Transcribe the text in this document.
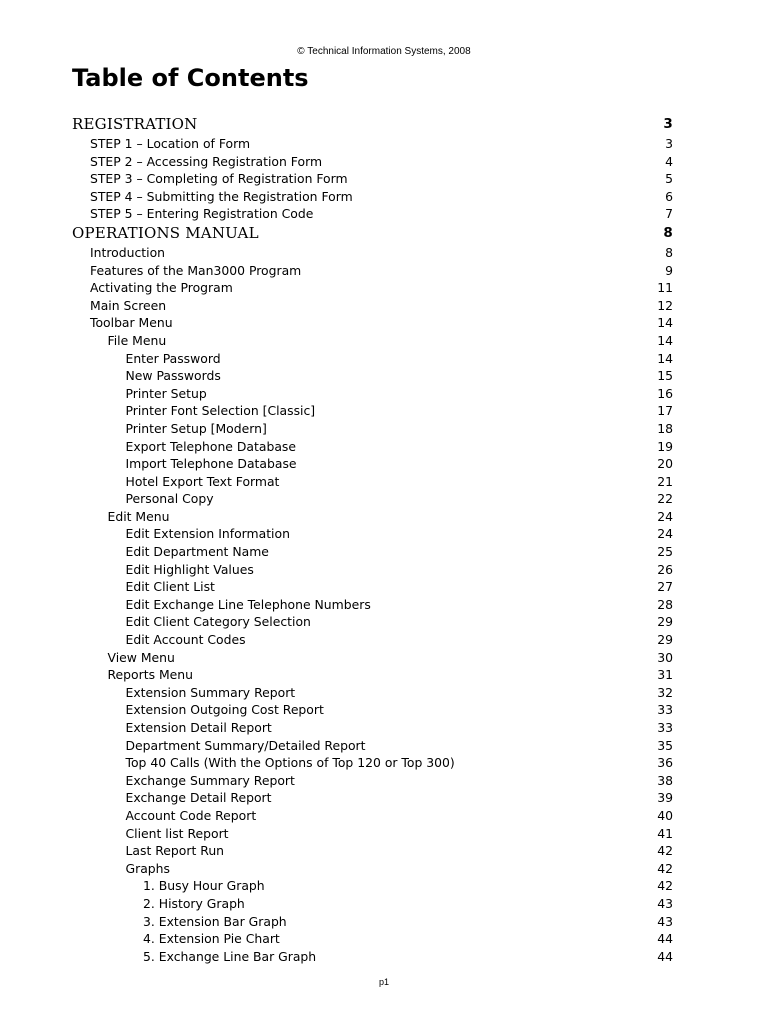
© Technical Information Systems, 2008
Table of Contents
REGISTRATION	3
STEP 1 – Location of Form	3
STEP 2 – Accessing Registration Form	4
STEP 3 – Completing of Registration Form	5
STEP 4 – Submitting the Registration Form	6
STEP 5 – Entering Registration Code	7
OPERATIONS MANUAL	8
Introduction	8
Features of the Man3000 Program	9
Activating the Program	11
Main Screen	12
Toolbar Menu	14
File Menu	14
Enter Password	14
New Passwords	15
Printer Setup	16
Printer Font Selection [Classic]	17
Printer Setup [Modern]	18
Export Telephone Database	19
Import Telephone Database	20
Hotel Export Text Format	21
Personal Copy	22
Edit Menu	24
Edit Extension Information	24
Edit Department Name	25
Edit Highlight Values	26
Edit Client List	27
Edit Exchange Line Telephone Numbers	28
Edit Client Category Selection	29
Edit Account Codes	29
View Menu	30
Reports Menu	31
Extension Summary Report	32
Extension Outgoing Cost Report	33
Extension Detail Report	33
Department Summary/Detailed Report	35
Top 40 Calls (With the Options of Top 120 or Top 300)	36
Exchange Summary Report	38
Exchange Detail Report	39
Account Code Report	40
Client list Report	41
Last Report Run	42
Graphs	42
1. Busy Hour Graph	42
2. History Graph	43
3. Extension Bar Graph	43
4. Extension Pie Chart	44
5. Exchange Line Bar Graph	44
p1
